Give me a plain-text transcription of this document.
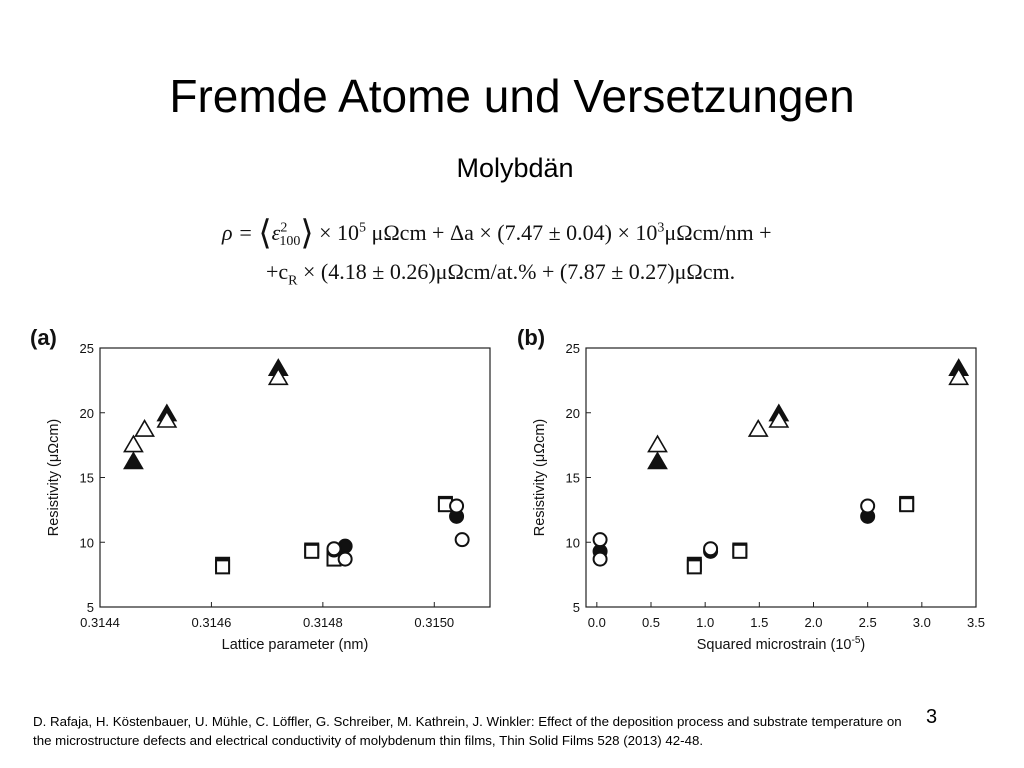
Fremde Atome und Versetzungen
Molybdän
$\rho = ⟨\varepsilon^2_{100}⟩ \times 10^5$ $\mu\Omega cm + \Delta a \times (7.47 \pm 0.04) \times 10^3\mu\Omega cm/nm$ +
$+c_R \times (4.18 \pm 0.26)\mu\Omega cm/at.\% + (7.87 \pm 0.27)\mu\Omega cm$.
(a)
5
10
15
20
25
0.3144	0.3146	0.3148	0.3150
Lattice parameter (nm)
Resistivity (μΩcm)
(b)
5
10
15
20
25
0.0	0.5	1.0	1.5	2.0	2.5	3.0	3.5
Squared microstrain $(10^{-5})$
Resistivity (μΩcm)
D. Rafaja, H. Köstenbauer, U. Mühle, C. Löffler, G. Schreiber, M. Kathrein, J. Winkler: Effect of the deposition process and substrate temperature on the microstructure defects and electrical conductivity of molybdenum thin films, Thin Solid Films 528 (2013) 42-48.
3
